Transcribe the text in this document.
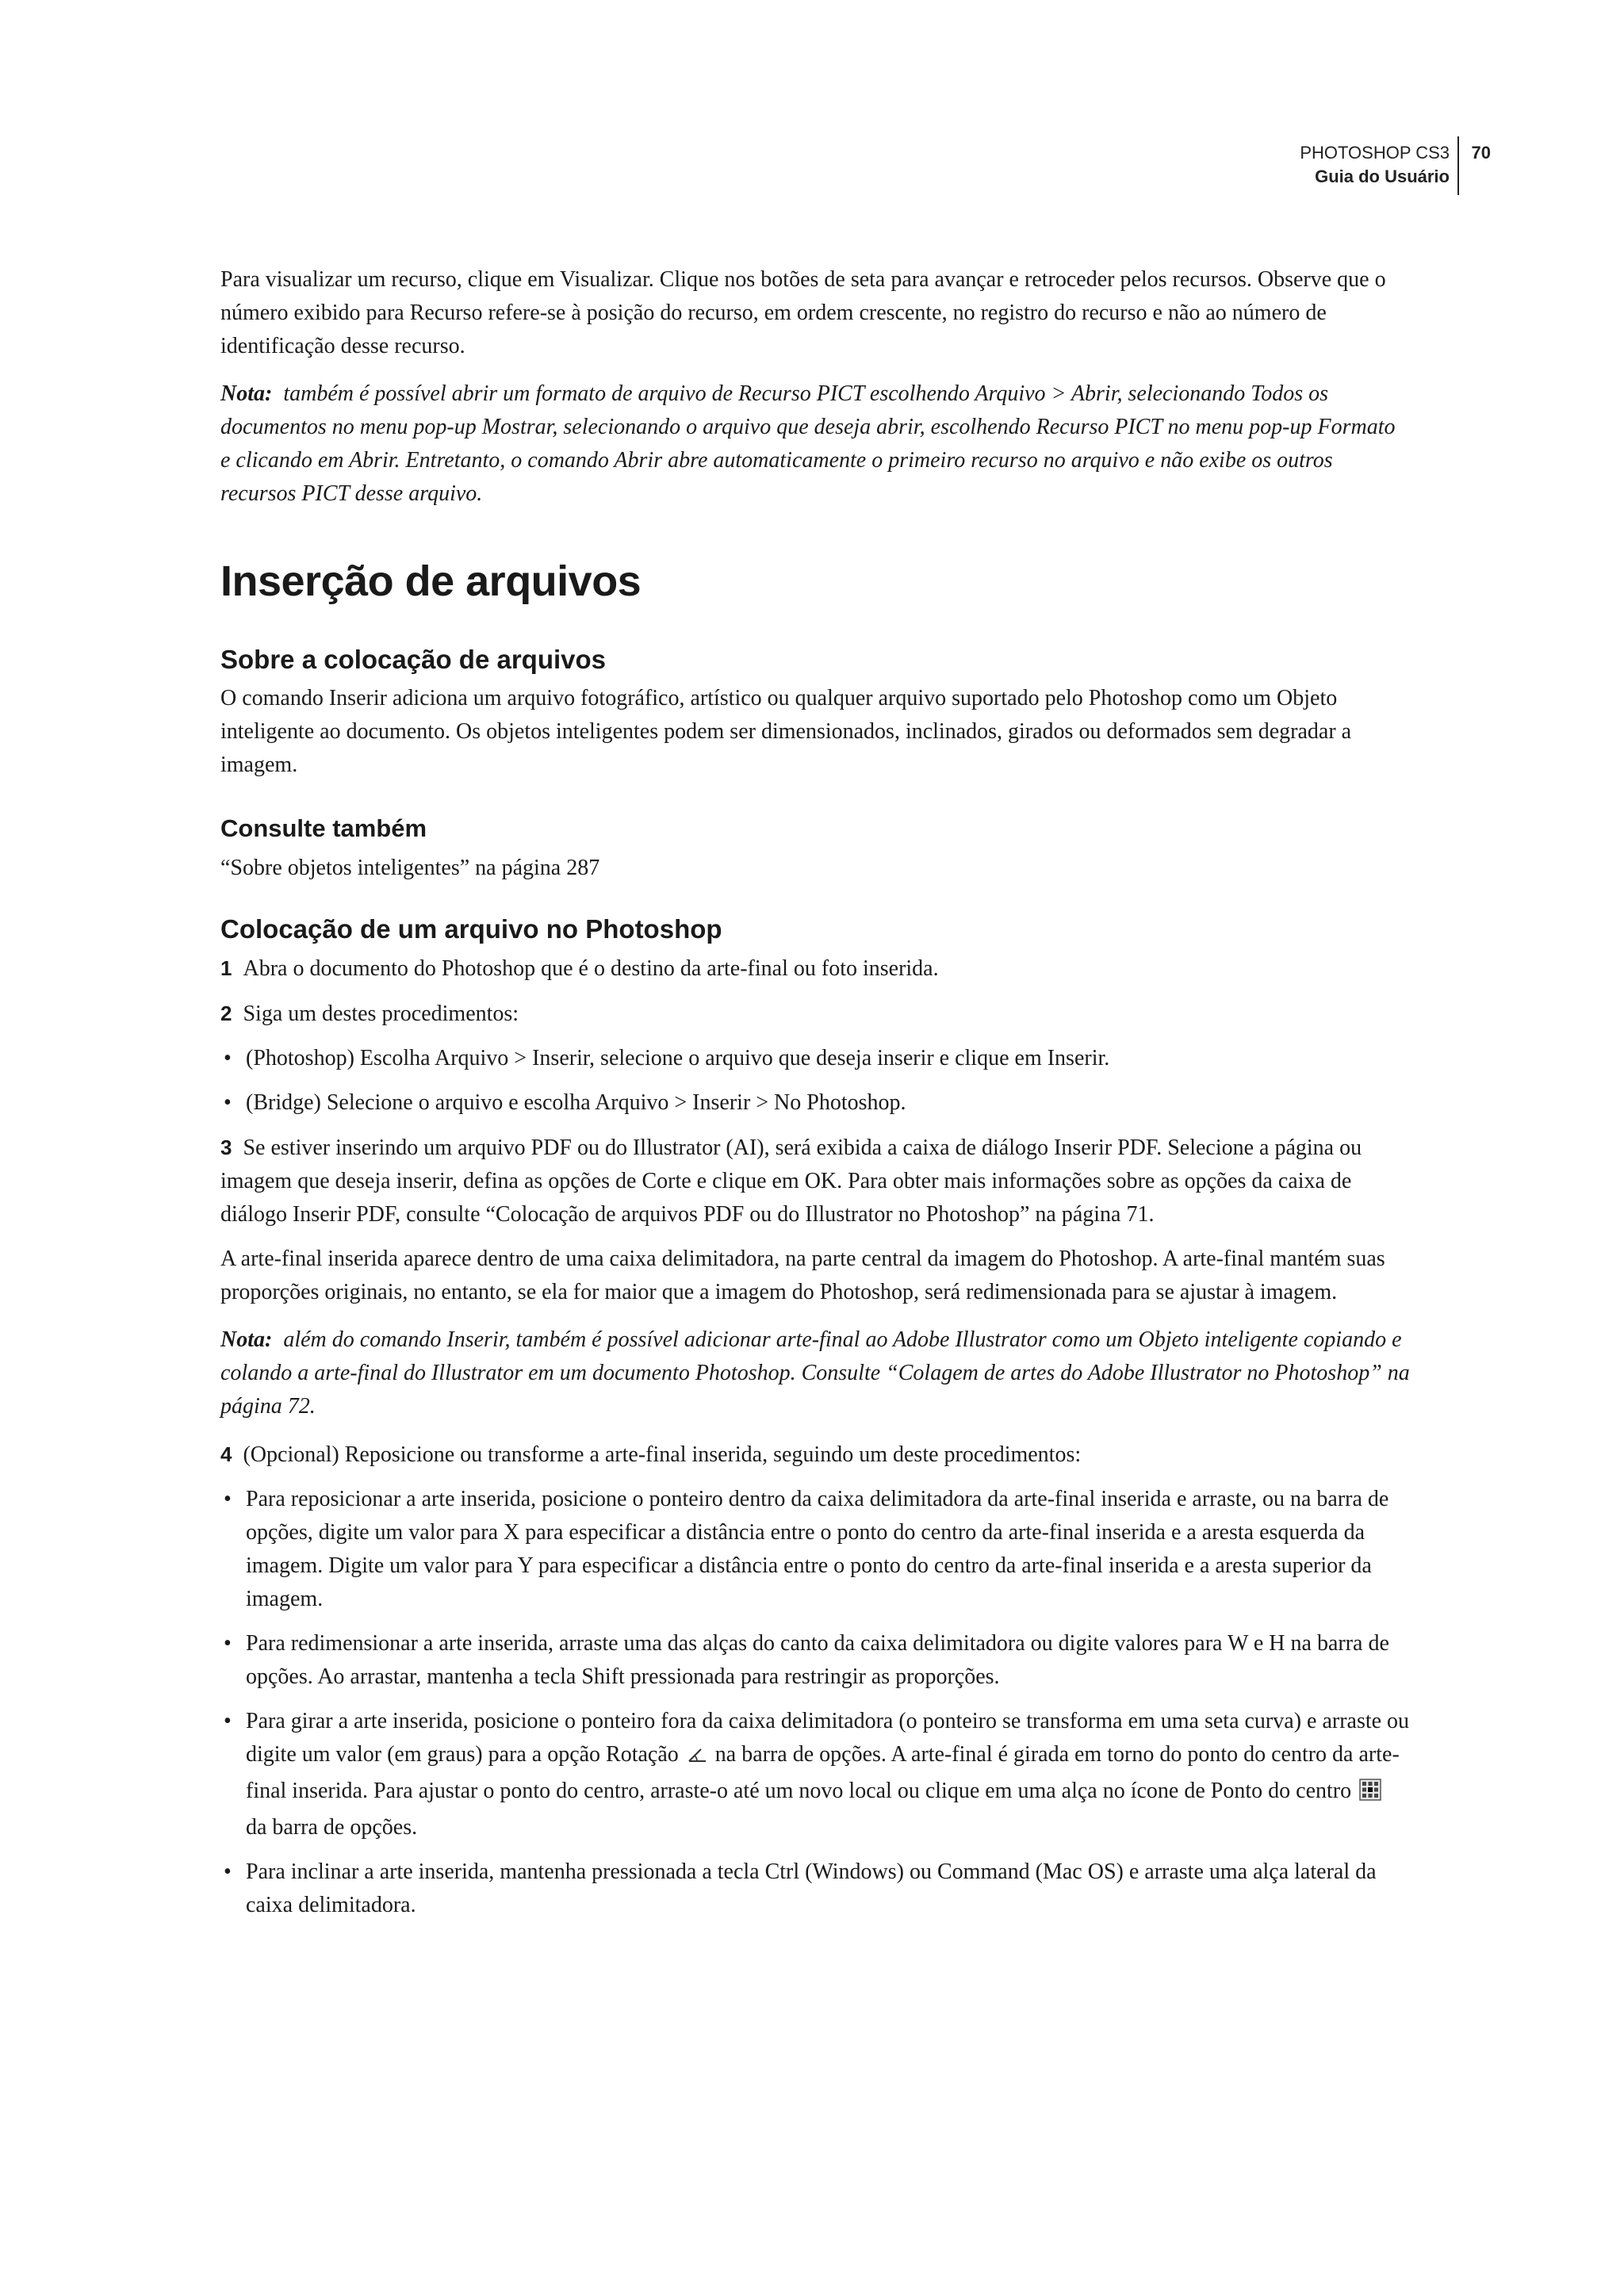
PHOTOSHOP CS3
Guia do Usuário
70

Para visualizar um recurso, clique em Visualizar. Clique nos botões de seta para avançar e retroceder pelos recursos. Observe que o número exibido para Recurso refere-se à posição do recurso, em ordem crescente, no registro do recurso e não ao número de identificação desse recurso.

Nota: também é possível abrir um formato de arquivo de Recurso PICT escolhendo Arquivo > Abrir, selecionando Todos os documentos no menu pop-up Mostrar, selecionando o arquivo que deseja abrir, escolhendo Recurso PICT no menu pop-up Formato e clicando em Abrir. Entretanto, o comando Abrir abre automaticamente o primeiro recurso no arquivo e não exibe os outros recursos PICT desse arquivo.

Inserção de arquivos
Sobre a colocação de arquivos

O comando Inserir adiciona um arquivo fotográfico, artístico ou qualquer arquivo suportado pelo Photoshop como um Objeto inteligente ao documento. Os objetos inteligentes podem ser dimensionados, inclinados, girados ou deformados sem degradar a imagem.

Consulte também

“Sobre objetos inteligentes” na página 287

Colocação de um arquivo no Photoshop

1 Abra o documento do Photoshop que é o destino da arte-final ou foto inserida.

2 Siga um destes procedimentos:

• (Photoshop) Escolha Arquivo > Inserir, selecione o arquivo que deseja inserir e clique em Inserir.

• (Bridge) Selecione o arquivo e escolha Arquivo > Inserir > No Photoshop.

3 Se estiver inserindo um arquivo PDF ou do Illustrator (AI), será exibida a caixa de diálogo Inserir PDF. Selecione a página ou imagem que deseja inserir, defina as opções de Corte e clique em OK. Para obter mais informações sobre as opções da caixa de diálogo Inserir PDF, consulte “Colocação de arquivos PDF ou do Illustrator no Photoshop” na página 71.

A arte-final inserida aparece dentro de uma caixa delimitadora, na parte central da imagem do Photoshop. A arte-final mantém suas proporções originais, no entanto, se ela for maior que a imagem do Photoshop, será redimensionada para se ajustar à imagem.

Nota: além do comando Inserir, também é possível adicionar arte-final ao Adobe Illustrator como um Objeto inteligente copiando e colando a arte-final do Illustrator em um documento Photoshop. Consulte “Colagem de artes do Adobe Illustrator no Photoshop” na página 72.

4 (Opcional) Reposicione ou transforme a arte-final inserida, seguindo um deste procedimentos:

• Para reposicionar a arte inserida, posicione o ponteiro dentro da caixa delimitadora da arte-final inserida e arraste, ou na barra de opções, digite um valor para X para especificar a distância entre o ponto do centro da arte-final inserida e a aresta esquerda da imagem. Digite um valor para Y para especificar a distância entre o ponto do centro da arte-final inserida e a aresta superior da imagem.

• Para redimensionar a arte inserida, arraste uma das alças do canto da caixa delimitadora ou digite valores para W e H na barra de opções. Ao arrastar, mantenha a tecla Shift pressionada para restringir as proporções.

• Para girar a arte inserida, posicione o ponteiro fora da caixa delimitadora (o ponteiro se transforma em uma seta curva) e arraste ou digite um valor (em graus) para a opção Rotação na barra de opções. A arte-final é girada em torno do ponto do centro da arte-final inserida. Para ajustar o ponto do centro, arraste-o até um novo local ou clique em uma alça no ícone de Ponto do centroda barra de opções.

• Para inclinar a arte inserida, mantenha pressionada a tecla Ctrl (Windows) ou Command (Mac OS) e arraste uma alça lateral da caixa delimitadora.
